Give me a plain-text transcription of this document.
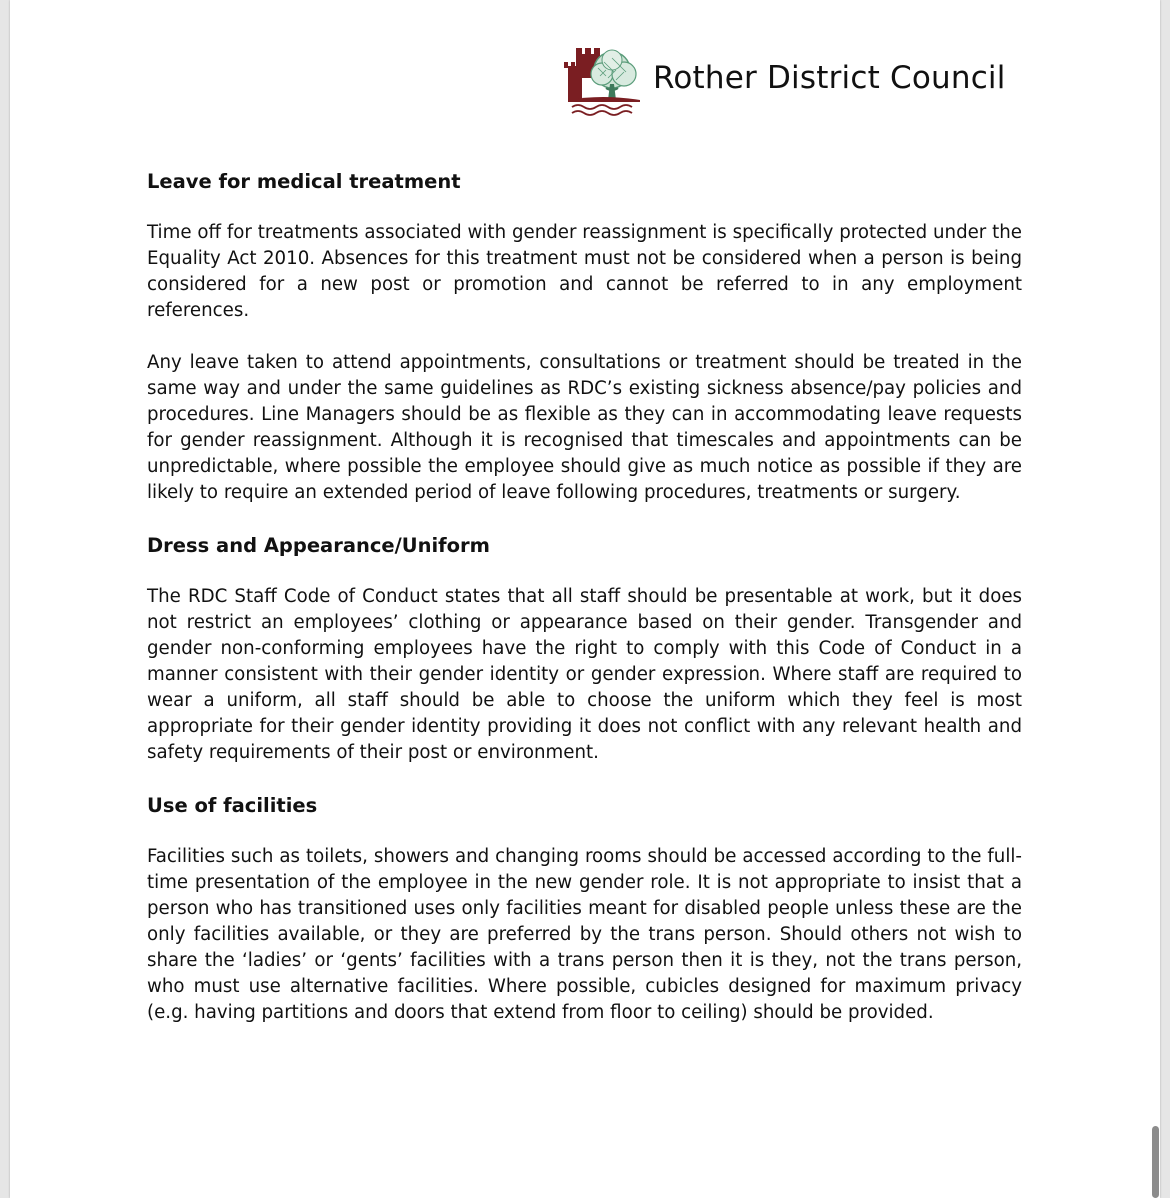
Rother District Council
Leave for medical treatment

Time off for treatments associated with gender reassignment is specifically protected under the Equality Act 2010. Absences for this treatment must not be considered when a person is being considered for a new post or promotion and cannot be referred to in any employment references.

Any leave taken to attend appointments, consultations or treatment should be treated in the same way and under the same guidelines as RDC’s existing sickness absence/pay policies and procedures. Line Managers should be as flexible as they can in accommodating leave requests for gender reassignment. Although it is recognised that timescales and appointments can be unpredictable, where possible the employee should give as much notice as possible if they are likely to require an extended period of leave following procedures, treatments or surgery.

Dress and Appearance/Uniform

The RDC Staff Code of Conduct states that all staff should be presentable at work, but it does not restrict an employees’ clothing or appearance based on their gender. Transgender and gender non-conforming employees have the right to comply with this Code of Conduct in a manner consistent with their gender identity or gender expression. Where staff are required to wear a uniform, all staff should be able to choose the uniform which they feel is most appropriate for their gender identity providing it does not conflict with any relevant health and safety requirements of their post or environment.

Use of facilities

Facilities such as toilets, showers and changing rooms should be accessed according to the full-time presentation of the employee in the new gender role. It is not appropriate to insist that a person who has transitioned uses only facilities meant for disabled people unless these are the only facilities available, or they are preferred by the trans person. Should others not wish to share the ‘ladies’ or ‘gents’ facilities with a trans person then it is they, not the trans person, who must use alternative facilities. Where possible, cubicles designed for maximum privacy (e.g. having partitions and doors that extend from floor to ceiling) should be provided.
